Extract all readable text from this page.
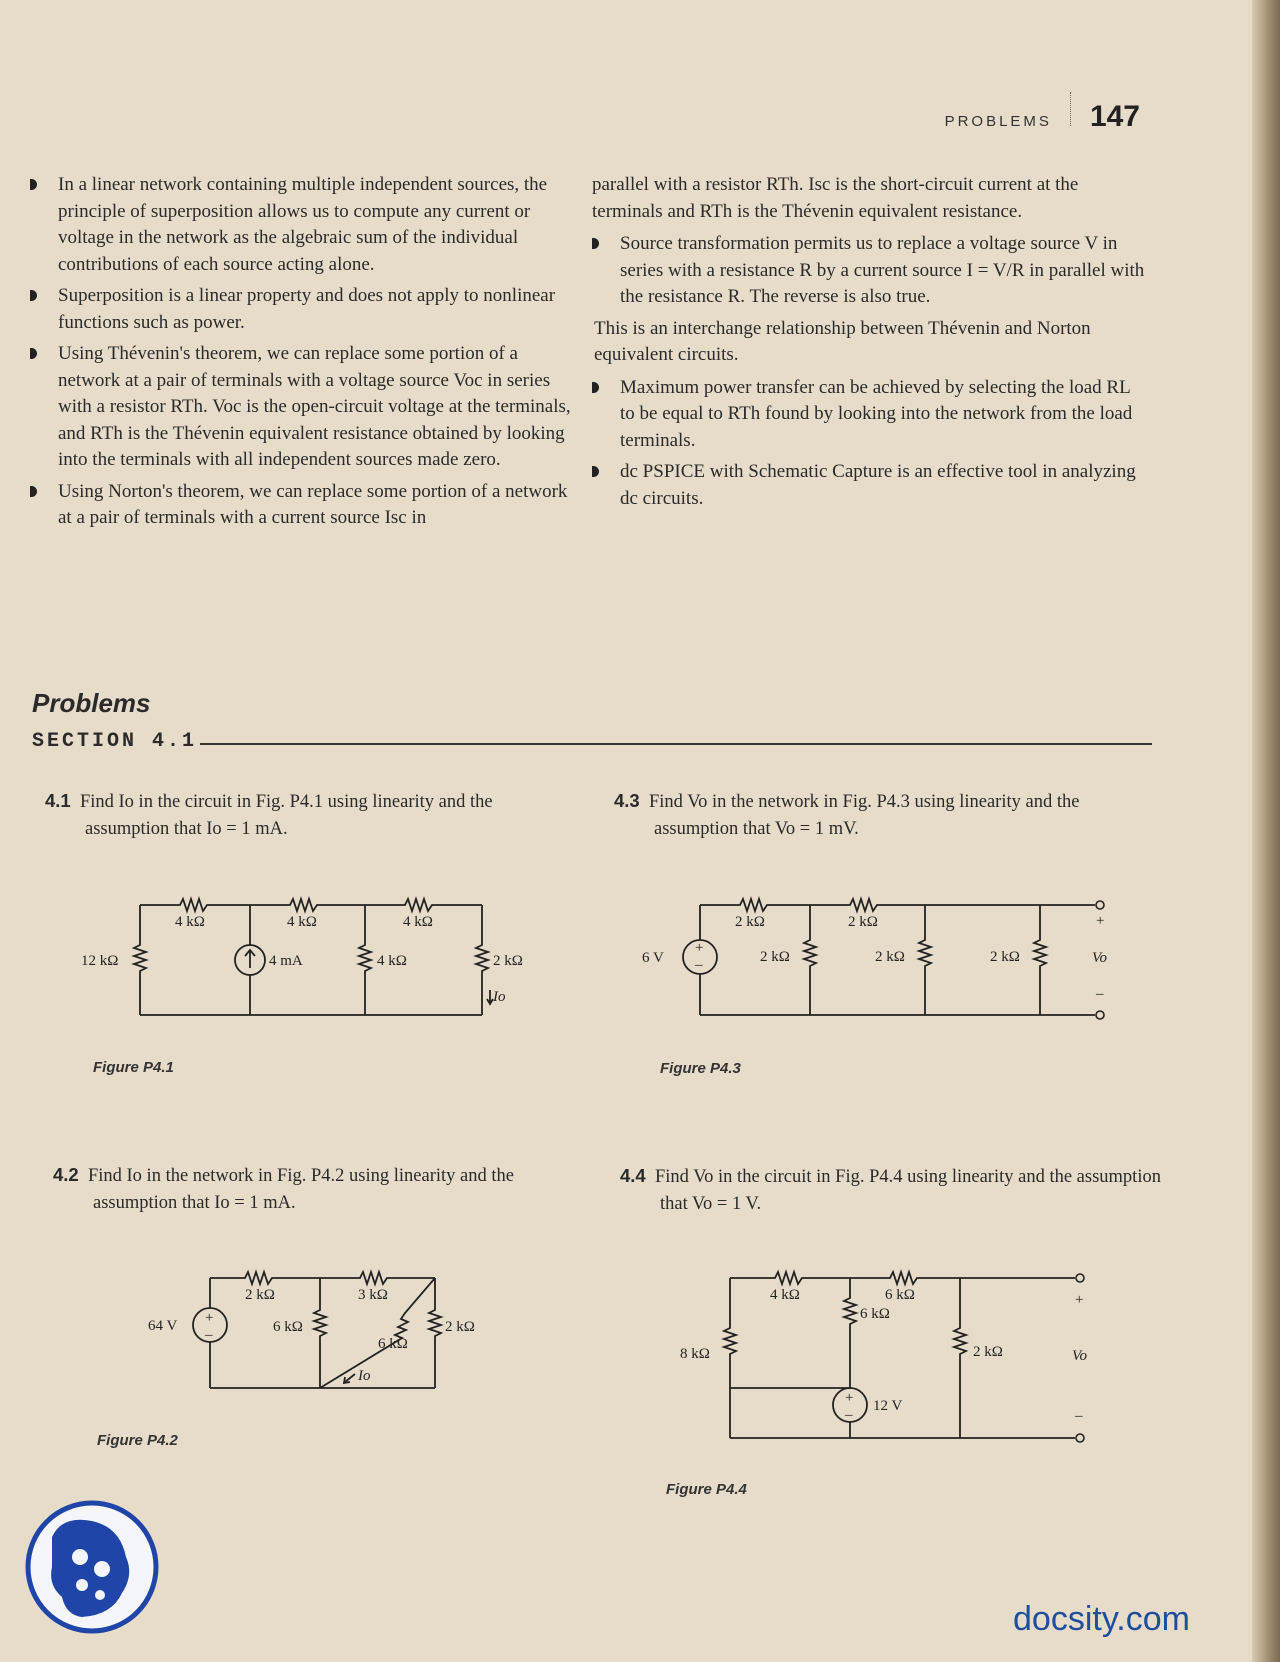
PROBLEMS 147
In a linear network containing multiple independent sources, the principle of superposition allows us to compute any current or voltage in the network as the algebraic sum of the individual contributions of each source acting alone.
Superposition is a linear property and does not apply to nonlinear functions such as power.
Using Thévenin's theorem, we can replace some portion of a network at a pair of terminals with a voltage source Voc in series with a resistor RTh. Voc is the open-circuit voltage at the terminals, and RTh is the Thévenin equivalent resistance obtained by looking into the terminals with all independent sources made zero.
Using Norton's theorem, we can replace some portion of a network at a pair of terminals with a current source Isc in
parallel with a resistor RTh. Isc is the short-circuit current at the terminals and RTh is the Thévenin equivalent resistance.
Source transformation permits us to replace a voltage source V in series with a resistance R by a current source I = V/R in parallel with the resistance R. The reverse is also true.
This is an interchange relationship between Thévenin and Norton equivalent circuits.
Maximum power transfer can be achieved by selecting the load RL to be equal to RTh found by looking into the network from the load terminals.
dc PSPICE with Schematic Capture is an effective tool in analyzing dc circuits.
Problems
SECTION 4.1
4.1 Find Io in the circuit in Fig. P4.1 using linearity and the assumption that Io = 1 mA.
4.3 Find Vo in the network in Fig. P4.3 using linearity and the assumption that Vo = 1 mV.
4.2 Find Io in the network in Fig. P4.2 using linearity and the assumption that Io = 1 mA.
4.4 Find Vo in the circuit in Fig. P4.4 using linearity and the assumption that Vo = 1 V.
4 kΩ	4 kΩ	4 kΩ
12 kΩ	4 mA	4 kΩ	2 kΩ
Io
Figure P4.1
+
–
6 V
2 kΩ	2 kΩ
2 kΩ	2 kΩ	2 kΩ
+
Vo
–
Figure P4.3
+
–
64 V
2 kΩ	3 kΩ
6 kΩ
6 kΩ
2 kΩ
Io
Figure P4.2
+
–
8 kΩ
4 kΩ	6 kΩ
6 kΩ
12 V
2 kΩ
+
Vo
–
Figure P4.4
docsity.com
